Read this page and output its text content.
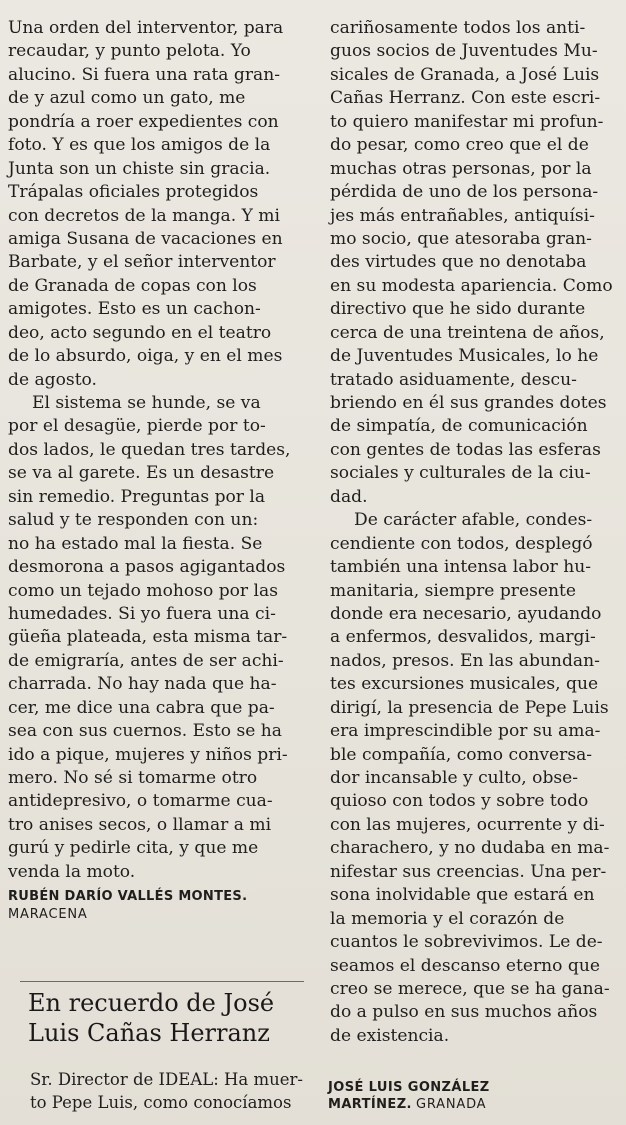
Una orden del interventor, para
recaudar, y punto pelota. Yo
alucino. Si fuera una rata gran-
de y azul como un gato, me
pondría a roer expedientes con
foto. Y es que los amigos de la
Junta son un chiste sin gracia.
Trápalas oficiales protegidos
con decretos de la manga. Y mi
amiga Susana de vacaciones en
Barbate, y el señor interventor
de Granada de copas con los
amigotes. Esto es un cachon-
deo, acto segundo en el teatro
de lo absurdo, oiga, y en el mes
de agosto.
El sistema se hunde, se va
por el desagüe, pierde por to-
dos lados, le quedan tres tardes,
se va al garete. Es un desastre
sin remedio. Preguntas por la
salud y te responden con un:
no ha estado mal la fiesta. Se
desmorona a pasos agigantados
como un tejado mohoso por las
humedades. Si yo fuera una ci-
güeña plateada, esta misma tar-
de emigraría, antes de ser achi-
charrada. No hay nada que ha-
cer, me dice una cabra que pa-
sea con sus cuernos. Esto se ha
ido a pique, mujeres y niños pri-
mero. No sé si tomarme otro
antidepresivo, o tomarme cua-
tro anises secos, o llamar a mi
gurú y pedirle cita, y que me
venda la moto.
RUBÉN DARÍO VALLÉS MONTES.
MARACENA
En recuerdo de José
Luis Cañas Herranz
Sr. Director de IDEAL: Ha muer-
to Pepe Luis, como conocíamos
cariñosamente todos los anti-
guos socios de Juventudes Mu-
sicales de Granada, a José Luis
Cañas Herranz. Con este escri-
to quiero manifestar mi profun-
do pesar, como creo que el de
muchas otras personas, por la
pérdida de uno de los persona-
jes más entrañables, antiquísi-
mo socio, que atesoraba gran-
des virtudes que no denotaba
en su modesta apariencia. Como
directivo que he sido durante
cerca de una treintena de años,
de Juventudes Musicales, lo he
tratado asiduamente, descu-
briendo en él sus grandes dotes
de simpatía, de comunicación
con gentes de todas las esferas
sociales y culturales de la ciu-
dad.
De carácter afable, condes-
cendiente con todos, desplegó
también una intensa labor hu-
manitaria, siempre presente
donde era necesario, ayudando
a enfermos, desvalidos, margi-
nados, presos. En las abundan-
tes excursiones musicales, que
dirigí, la presencia de Pepe Luis
era imprescindible por su ama-
ble compañía, como conversa-
dor incansable y culto, obse-
quioso con todos y sobre todo
con las mujeres, ocurrente y di-
charachero, y no dudaba en ma-
nifestar sus creencias. Una per-
sona inolvidable que estará en
la memoria y el corazón de
cuantos le sobrevivimos. Le de-
seamos el descanso eterno que
creo se merece, que se ha gana-
do a pulso en sus muchos años
de existencia.
JOSÉ LUIS GONZÁLEZ
MARTÍNEZ. GRANADA
